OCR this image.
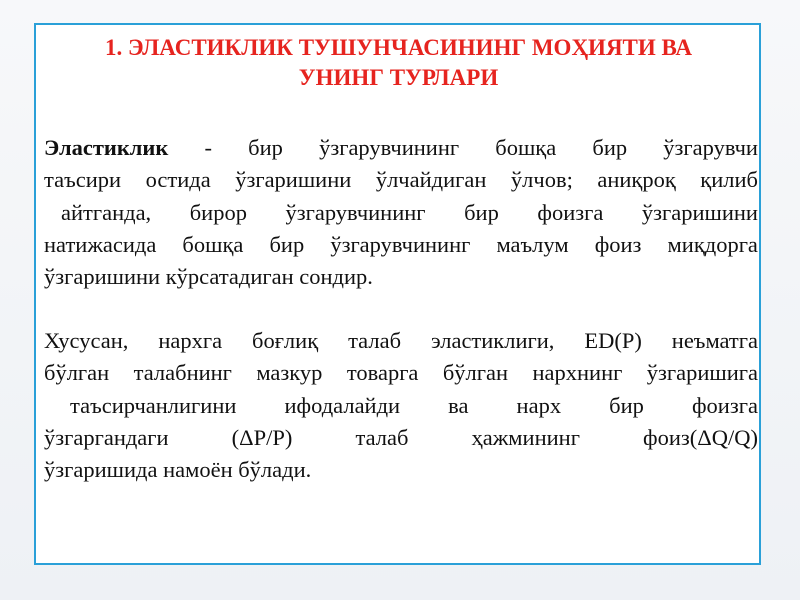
1. ЭЛАСТИКЛИК ТУШУНЧАСИНИНГ МОҲИЯТИ ВА
УНИНГ ТУРЛАРИ
Эластиклик - бир ўзгарувчининг бошқа бир ўзгарувчи
таъсири остида ўзгаришини ўлчайдиган ўлчов; аниқроқ қилиб
айтганда, бирор ўзгарувчининг бир фоизга ўзгаришини
натижасида бошқа бир ўзгарувчининг маълум фоиз миқдорга
ўзгаришини кўрсатадиган сондир.
Хусусан, нархга боғлиқ талаб эластиклиги, ED(P) неъматга
бўлган талабнинг мазкур товарга бўлган нархнинг ўзгаришига
таъсирчанлигини ифодалайди ва нарх бир фоизга
ўзгаргандаги	(ΔP/P)	талаб	ҳажмининг	фоиз(ΔQ/Q)
ўзгаришида намоён бўлади.
